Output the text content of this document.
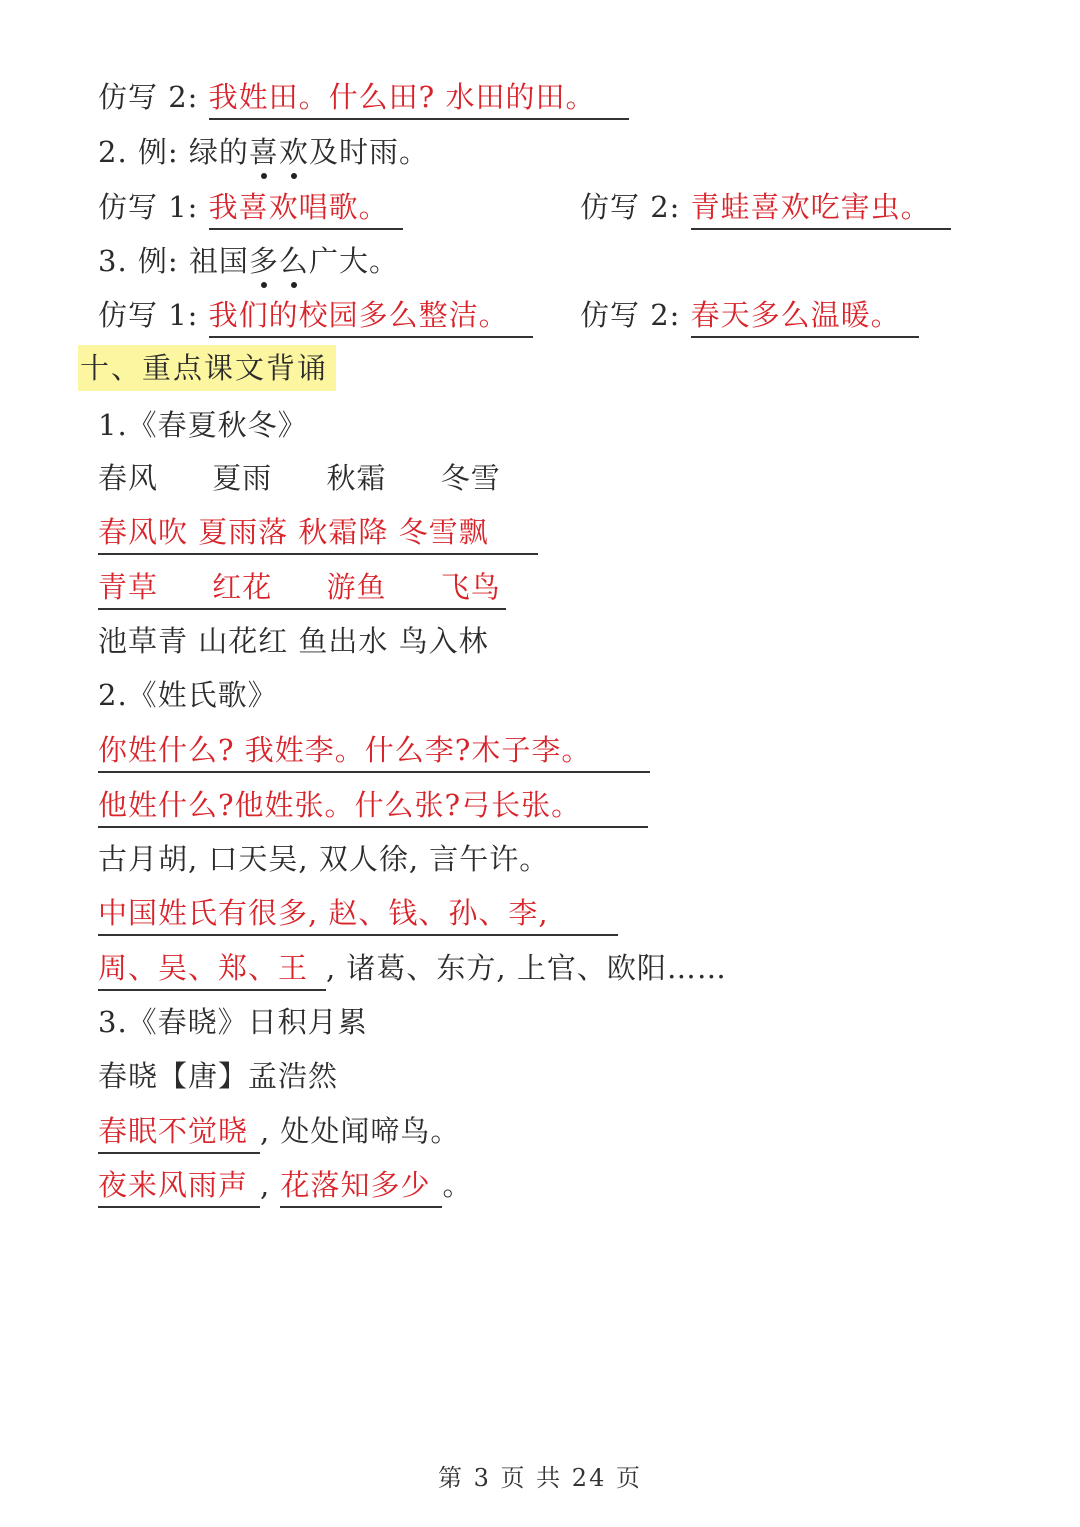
仿写 2: 我姓田。什么田? 水田的田。
2. 例: 绿的喜欢及时雨。
仿写 1: 我喜欢唱歌。	仿写 2: 青蛙喜欢吃害虫。
3. 例: 祖国多么广大。
仿写 1: 我们的校园多么整洁。 仿写 2: 春天多么温暖。
十、重点课文背诵
1.《春夏秋冬》
春风 夏雨 秋霜 冬雪
春风吹 夏雨落 秋霜降 冬雪飘
青草 红花 游鱼 飞鸟
池草青 山花红 鱼出水 鸟入林
2.《姓氏歌》
你姓什么? 我姓李。什么李?木子李。
他姓什么?他姓张。什么张?弓长张。
古月胡, 口天吴, 双人徐, 言午许。
中国姓氏有很多, 赵、钱、孙、李,
周、吴、郑、王 , 诸葛、东方, 上官、欧阳……
3.《春晓》日积月累
春晓【唐】孟浩然
春眠不觉晓 , 处处闻啼鸟。
夜来风雨声 , 花落知多少 。
第 3 页 共 24 页
